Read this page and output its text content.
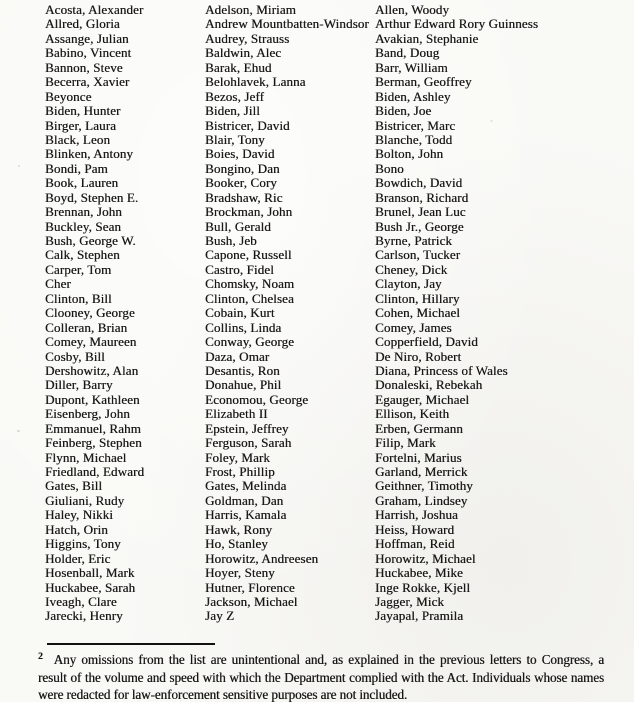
Acosta, Alexander
Allred, Gloria
Assange, Julian
Babino, Vincent
Bannon, Steve
Becerra, Xavier
Beyonce
Biden, Hunter
Birger, Laura
Black, Leon
Blinken, Antony
Bondi, Pam
Book, Lauren
Boyd, Stephen E.
Brennan, John
Buckley, Sean
Bush, George W.
Calk, Stephen
Carper, Tom
Cher
Clinton, Bill
Clooney, George
Colleran, Brian
Comey, Maureen
Cosby, Bill
Dershowitz, Alan
Diller, Barry
Dupont, Kathleen
Eisenberg, John
Emmanuel, Rahm
Feinberg, Stephen
Flynn, Michael
Friedland, Edward
Gates, Bill
Giuliani, Rudy
Haley, Nikki
Hatch, Orin
Higgins, Tony
Holder, Eric
Hosenball, Mark
Huckabee, Sarah
Iveagh, Clare
Jarecki, Henry
Adelson, Miriam
Andrew Mountbatten-Windsor
Audrey, Strauss
Baldwin, Alec
Barak, Ehud
Belohlavek, Lanna
Bezos, Jeff
Biden, Jill
Bistricer, David
Blair, Tony
Boies, David
Bongino, Dan
Booker, Cory
Bradshaw, Ric
Brockman, John
Bull, Gerald
Bush, Jeb
Capone, Russell
Castro, Fidel
Chomsky, Noam
Clinton, Chelsea
Cobain, Kurt
Collins, Linda
Conway, George
Daza, Omar
Desantis, Ron
Donahue, Phil
Economou, George
Elizabeth II
Epstein, Jeffrey
Ferguson, Sarah
Foley, Mark
Frost, Phillip
Gates, Melinda
Goldman, Dan
Harris, Kamala
Hawk, Rony
Ho, Stanley
Horowitz, Andreesen
Hoyer, Steny
Hutner, Florence
Jackson, Michael
Jay Z
Allen, Woody
Arthur Edward Rory Guinness
Avakian, Stephanie
Band, Doug
Barr, William
Berman, Geoffrey
Biden, Ashley
Biden, Joe
Bistricer, Marc
Blanche, Todd
Bolton, John
Bono
Bowdich, David
Branson, Richard
Brunel, Jean Luc
Bush Jr., George
Byrne, Patrick
Carlson, Tucker
Cheney, Dick
Clayton, Jay
Clinton, Hillary
Cohen, Michael
Comey, James
Copperfield, David
De Niro, Robert
Diana, Princess of Wales
Donaleski, Rebekah
Egauger, Michael
Ellison, Keith
Erben, Germann
Filip, Mark
Fortelni, Marius
Garland, Merrick
Geithner, Timothy
Graham, Lindsey
Harrish, Joshua
Heiss, Howard
Hoffman, Reid
Horowitz, Michael
Huckabee, Mike
Inge Rokke, Kjell
Jagger, Mick
Jayapal, Pramila
$^2$ Any omissions from the list are unintentional and, as explained in the previous letters to Congress, a
result of the volume and speed with which the Department complied with the Act. Individuals whose names
were redacted for law-enforcement sensitive purposes are not included.
